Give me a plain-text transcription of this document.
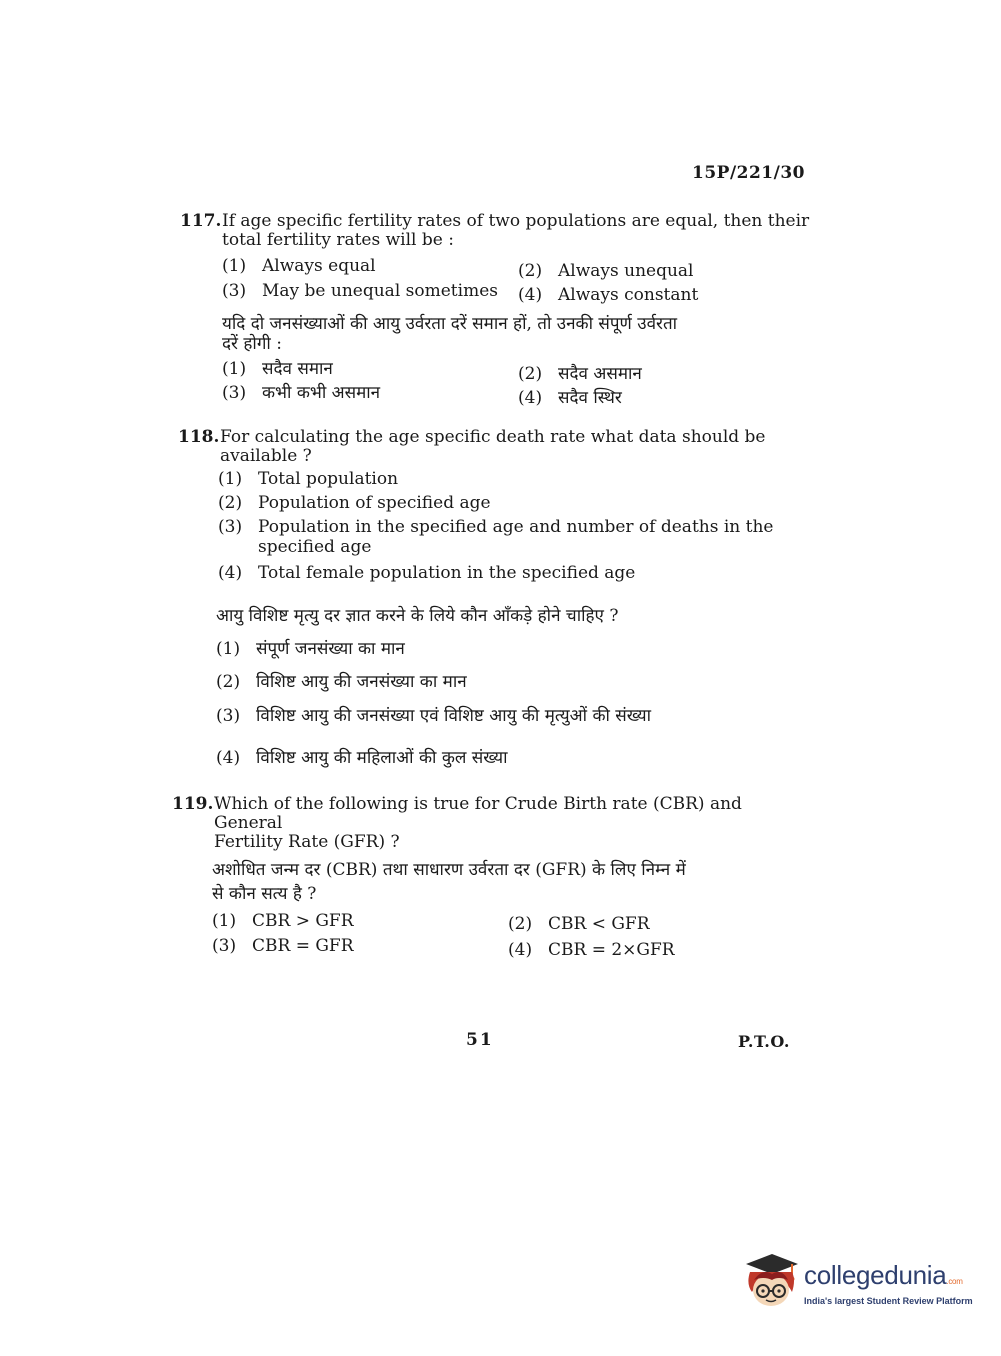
15P/221/30
117. If age specific fertility rates of two populations are equal, then their
total fertility rates will be :
(1) Always equal	(2) Always unequal
(3) May be unequal sometimes (4) Always constant
यदि दो जनसंख्याओं की आयु उर्वरता दरें समान हों, तो उनकी संपूर्ण उर्वरता
दरें होगी :
(1) सदैव समान	(2) सदैव असमान
(3) कभी कभी असमान	(4) सदैव स्थिर
118. For calculating the age specific death rate what data should be
available ?
(1) Total population
(2) Population of specified age
(3) Population in the specified age and number of deaths in the
specified age
(4) Total female population in the specified age
आयु विशिष्ट मृत्यु दर ज्ञात करने के लिये कौन आँकड़े होने चाहिए ?
(1) संपूर्ण जनसंख्या का मान
(2) विशिष्ट आयु की जनसंख्या का मान
(3) विशिष्ट आयु की जनसंख्या एवं विशिष्ट आयु की मृत्युओं की संख्या
(4) विशिष्ट आयु की महिलाओं की कुल संख्या
119. Which of the following is true for Crude Birth rate (CBR) and General
Fertility Rate (GFR) ?
अशोधित जन्म दर (CBR) तथा साधारण उर्वरता दर (GFR) के लिए निम्न में
से कौन सत्य है ?
(1) CBR > GFR	(2) CBR < GFR
(3) CBR = GFR	(4) CBR = 2×GFR
51	P.T.O.
collegedunia.com
India's largest Student Review Platform
